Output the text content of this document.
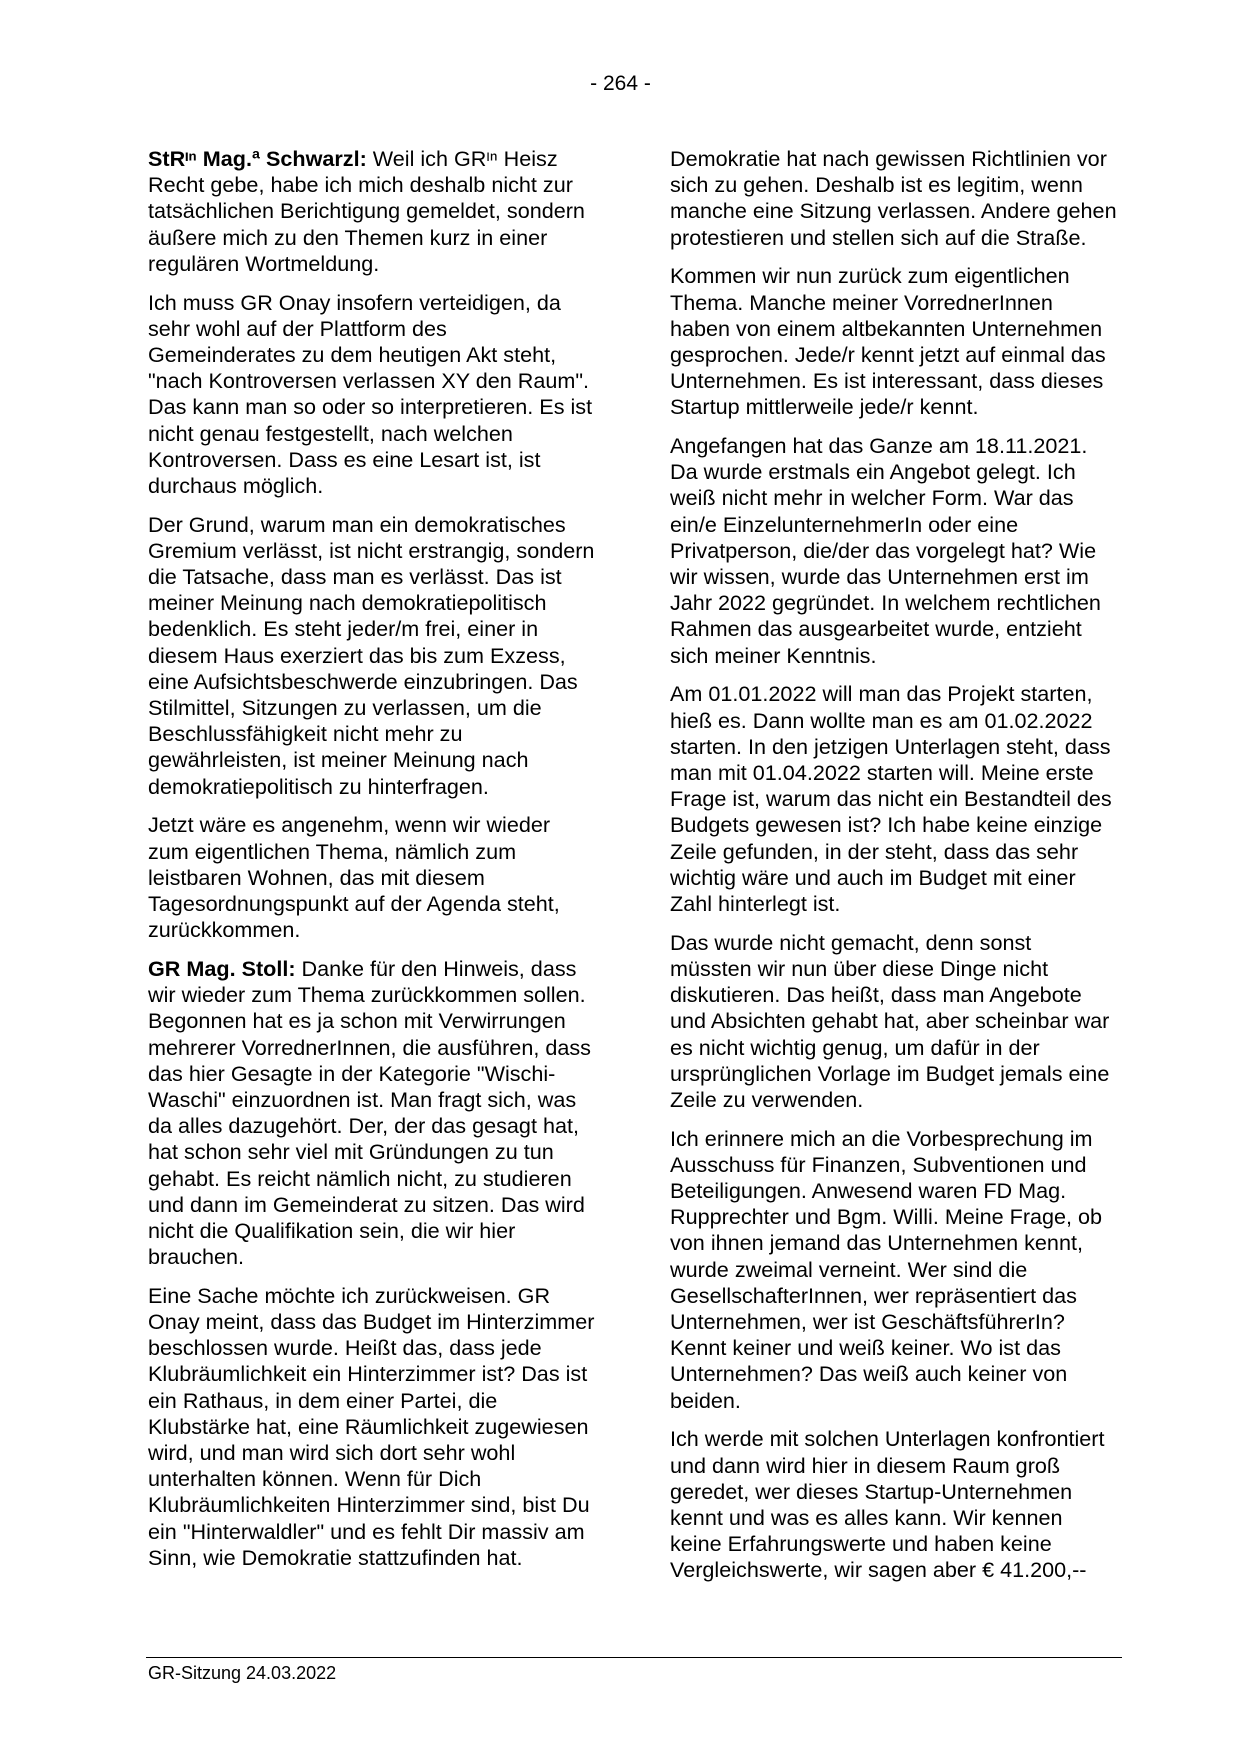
- 264 -

StRᶦⁿ Mag.ª Schwarzl: Weil ich GRᶦⁿ Heisz Recht gebe, habe ich mich deshalb nicht zur tatsächlichen Berichtigung gemeldet, sondern äußere mich zu den Themen kurz in einer regulären Wortmeldung.

Ich muss GR Onay insofern verteidigen, da sehr wohl auf der Plattform des Gemeinderates zu dem heutigen Akt steht, "nach Kontroversen verlassen XY den Raum". Das kann man so oder so interpretieren. Es ist nicht genau festgestellt, nach welchen Kontroversen. Dass es eine Lesart ist, ist durchaus möglich.

Der Grund, warum man ein demokratisches Gremium verlässt, ist nicht erstrangig, sondern die Tatsache, dass man es verlässt. Das ist meiner Meinung nach demokratiepolitisch bedenklich. Es steht jeder/m frei, einer in diesem Haus exerziert das bis zum Exzess, eine Aufsichtsbeschwerde einzubringen. Das Stilmittel, Sitzungen zu verlassen, um die Beschlussfähigkeit nicht mehr zu gewährleisten, ist meiner Meinung nach demokratiepolitisch zu hinterfragen.

Jetzt wäre es angenehm, wenn wir wieder zum eigentlichen Thema, nämlich zum leistbaren Wohnen, das mit diesem Tagesordnungspunkt auf der Agenda steht, zurückkommen.

GR Mag. Stoll: Danke für den Hinweis, dass wir wieder zum Thema zurückkommen sollen. Begonnen hat es ja schon mit Verwirrungen mehrerer VorrednerInnen, die ausführen, dass das hier Gesagte in der Kategorie "Wischi-Waschi" einzuordnen ist. Man fragt sich, was da alles dazugehört. Der, der das gesagt hat, hat schon sehr viel mit Gründungen zu tun gehabt. Es reicht nämlich nicht, zu studieren und dann im Gemeinderat zu sitzen. Das wird nicht die Qualifikation sein, die wir hier brauchen.

Eine Sache möchte ich zurückweisen. GR Onay meint, dass das Budget im Hinterzimmer beschlossen wurde. Heißt das, dass jede Klubräumlichkeit ein Hinterzimmer ist? Das ist ein Rathaus, in dem einer Partei, die Klubstärke hat, eine Räumlichkeit zugewiesen wird, und man wird sich dort sehr wohl unterhalten können. Wenn für Dich Klubräumlichkeiten Hinterzimmer sind, bist Du ein "Hinterwaldler" und es fehlt Dir massiv am Sinn, wie Demokratie stattzufinden hat.

Demokratie hat nach gewissen Richtlinien vor sich zu gehen. Deshalb ist es legitim, wenn manche eine Sitzung verlassen. Andere gehen protestieren und stellen sich auf die Straße.

Kommen wir nun zurück zum eigentlichen Thema. Manche meiner VorrednerInnen haben von einem altbekannten Unternehmen gesprochen. Jede/r kennt jetzt auf einmal das Unternehmen. Es ist interessant, dass dieses Startup mittlerweile jede/r kennt.

Angefangen hat das Ganze am 18.11.2021. Da wurde erstmals ein Angebot gelegt. Ich weiß nicht mehr in welcher Form. War das ein/e EinzelunternehmerIn oder eine Privatperson, die/der das vorgelegt hat? Wie wir wissen, wurde das Unternehmen erst im Jahr 2022 gegründet. In welchem rechtlichen Rahmen das ausgearbeitet wurde, entzieht sich meiner Kenntnis.

Am 01.01.2022 will man das Projekt starten, hieß es. Dann wollte man es am 01.02.2022 starten. In den jetzigen Unterlagen steht, dass man mit 01.04.2022 starten will. Meine erste Frage ist, warum das nicht ein Bestandteil des Budgets gewesen ist? Ich habe keine einzige Zeile gefunden, in der steht, dass das sehr wichtig wäre und auch im Budget mit einer Zahl hinterlegt ist.

Das wurde nicht gemacht, denn sonst müssten wir nun über diese Dinge nicht diskutieren. Das heißt, dass man Angebote und Absichten gehabt hat, aber scheinbar war es nicht wichtig genug, um dafür in der ursprünglichen Vorlage im Budget jemals eine Zeile zu verwenden.

Ich erinnere mich an die Vorbesprechung im Ausschuss für Finanzen, Subventionen und Beteiligungen. Anwesend waren FD Mag. Rupprechter und Bgm. Willi. Meine Frage, ob von ihnen jemand das Unternehmen kennt, wurde zweimal verneint. Wer sind die GesellschafterInnen, wer repräsentiert das Unternehmen, wer ist GeschäftsführerIn? Kennt keiner und weiß keiner. Wo ist das Unternehmen? Das weiß auch keiner von beiden.

Ich werde mit solchen Unterlagen konfrontiert und dann wird hier in diesem Raum groß geredet, wer dieses Startup-Unternehmen kennt und was es alles kann. Wir kennen keine Erfahrungswerte und haben keine Vergleichswerte, wir sagen aber € 41.200,--

GR-Sitzung 24.03.2022
